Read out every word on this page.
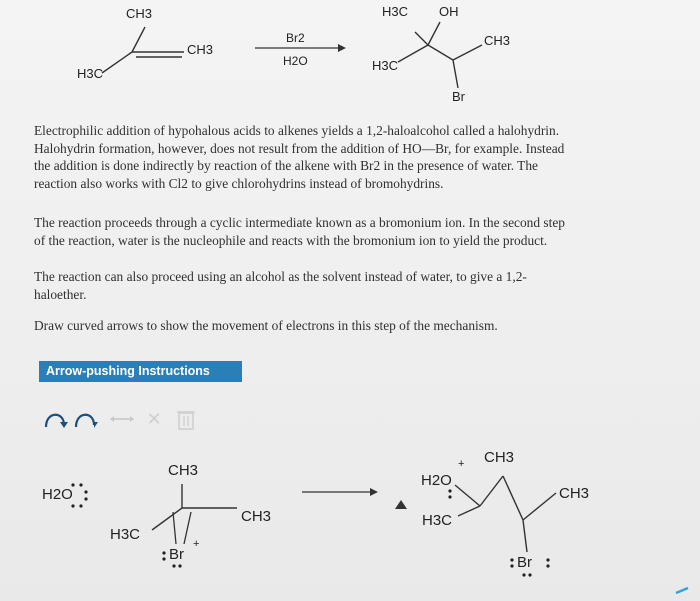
CH3
CH3
H3C
Br2
H2O
H3C OH
CH3
H3C
Br
Electrophilic addition of hypohalous acids to alkenes yields a 1,2-haloalcohol called a halohydrin.
Halohydrin formation, however, does not result from the addition of HO—Br, for example. Instead
the addition is done indirectly by reaction of the alkene with Br2 in the presence of water. The
reaction also works with Cl2 to give chlorohydrins instead of bromohydrins.
The reaction proceeds through a cyclic intermediate known as a bromonium ion. In the second step
of the reaction, water is the nucleophile and reacts with the bromonium ion to yield the product.
The reaction can also proceed using an alcohol as the solvent instead of water, to give a 1,2-
haloether.
Draw curved arrows to show the movement of electrons in this step of the mechanism.
Arrow-pushing Instructions
✕
H2O
CH3
CH3
H3C
Br
+
H2O
+ CH3
CH3
H3C
Br
